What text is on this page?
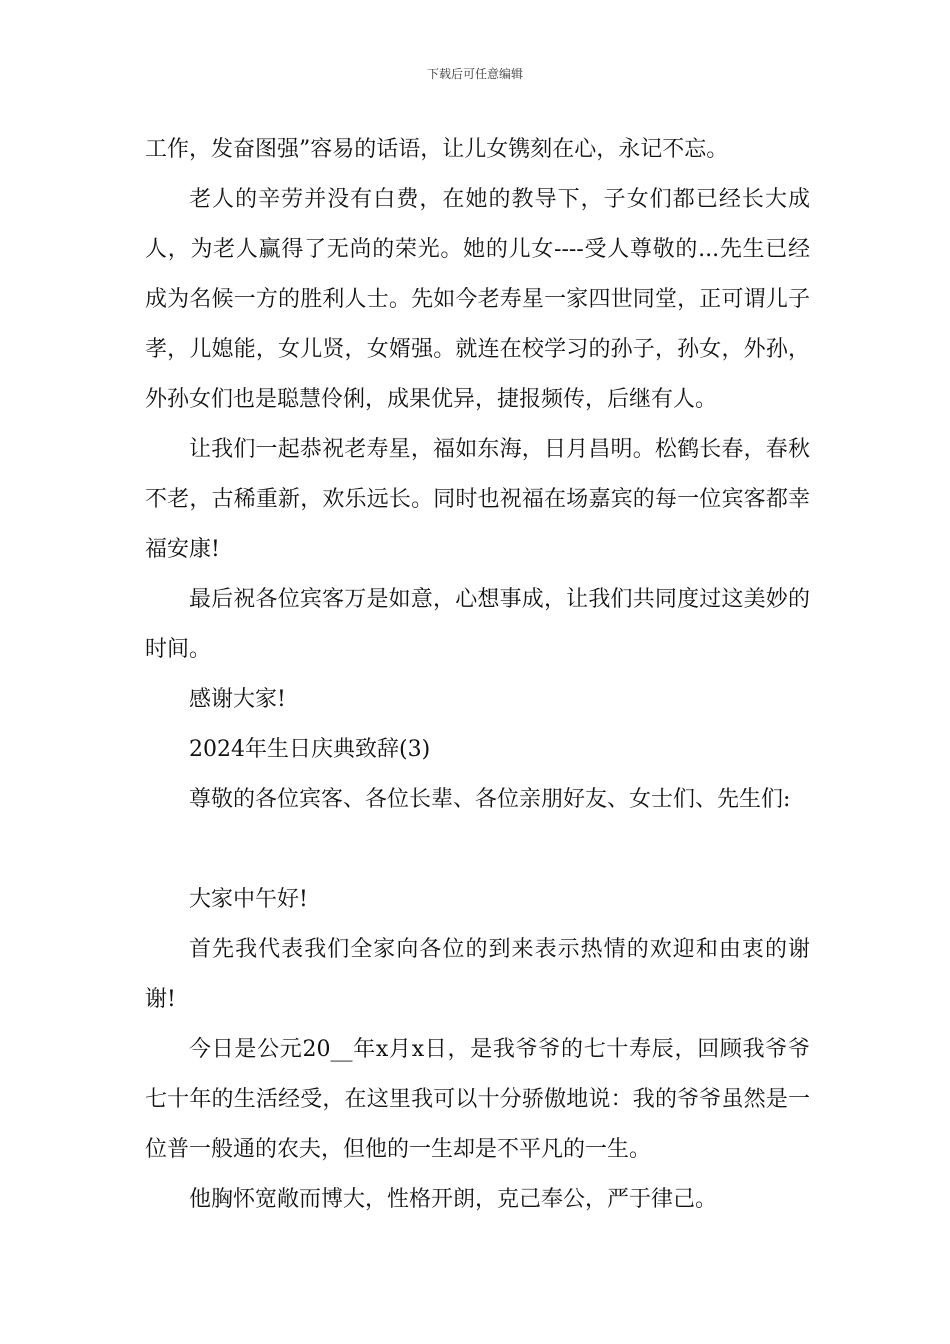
下载后可任意编辑

工作，发奋图强”容易的话语，让儿女镌刻在心，永记不忘。

老人的辛劳并没有白费，在她的教导下，子女们都已经长大成人，为老人赢得了无尚的荣光。她的儿女----受人尊敬的...先生已经成为名候一方的胜利人士。先如今老寿星一家四世同堂，正可谓儿子孝，儿媳能，女儿贤，女婿强。就连在校学习的孙子，孙女，外孙，外孙女们也是聪慧伶俐，成果优异，捷报频传，后继有人。

让我们一起恭祝老寿星，福如东海，日月昌明。松鹤长春，春秋不老，古稀重新，欢乐远长。同时也祝福在场嘉宾的每一位宾客都幸福安康!

最后祝各位宾客万是如意，心想事成，让我们共同度过这美妙的时间。

感谢大家!

2024年生日庆典致辞(3)

尊敬的各位宾客、各位长辈、各位亲朋好友、女士们、先生们:

大家中午好!

首先我代表我们全家向各位的到来表示热情的欢迎和由衷的谢谢!

今日是公元20__年x月x日，是我爷爷的七十寿辰，回顾我爷爷七十年的生活经受，在这里我可以十分骄傲地说：我的爷爷虽然是一位普一般通的农夫，但他的一生却是不平凡的一生。

他胸怀宽敞而博大，性格开朗，克己奉公，严于律己。
